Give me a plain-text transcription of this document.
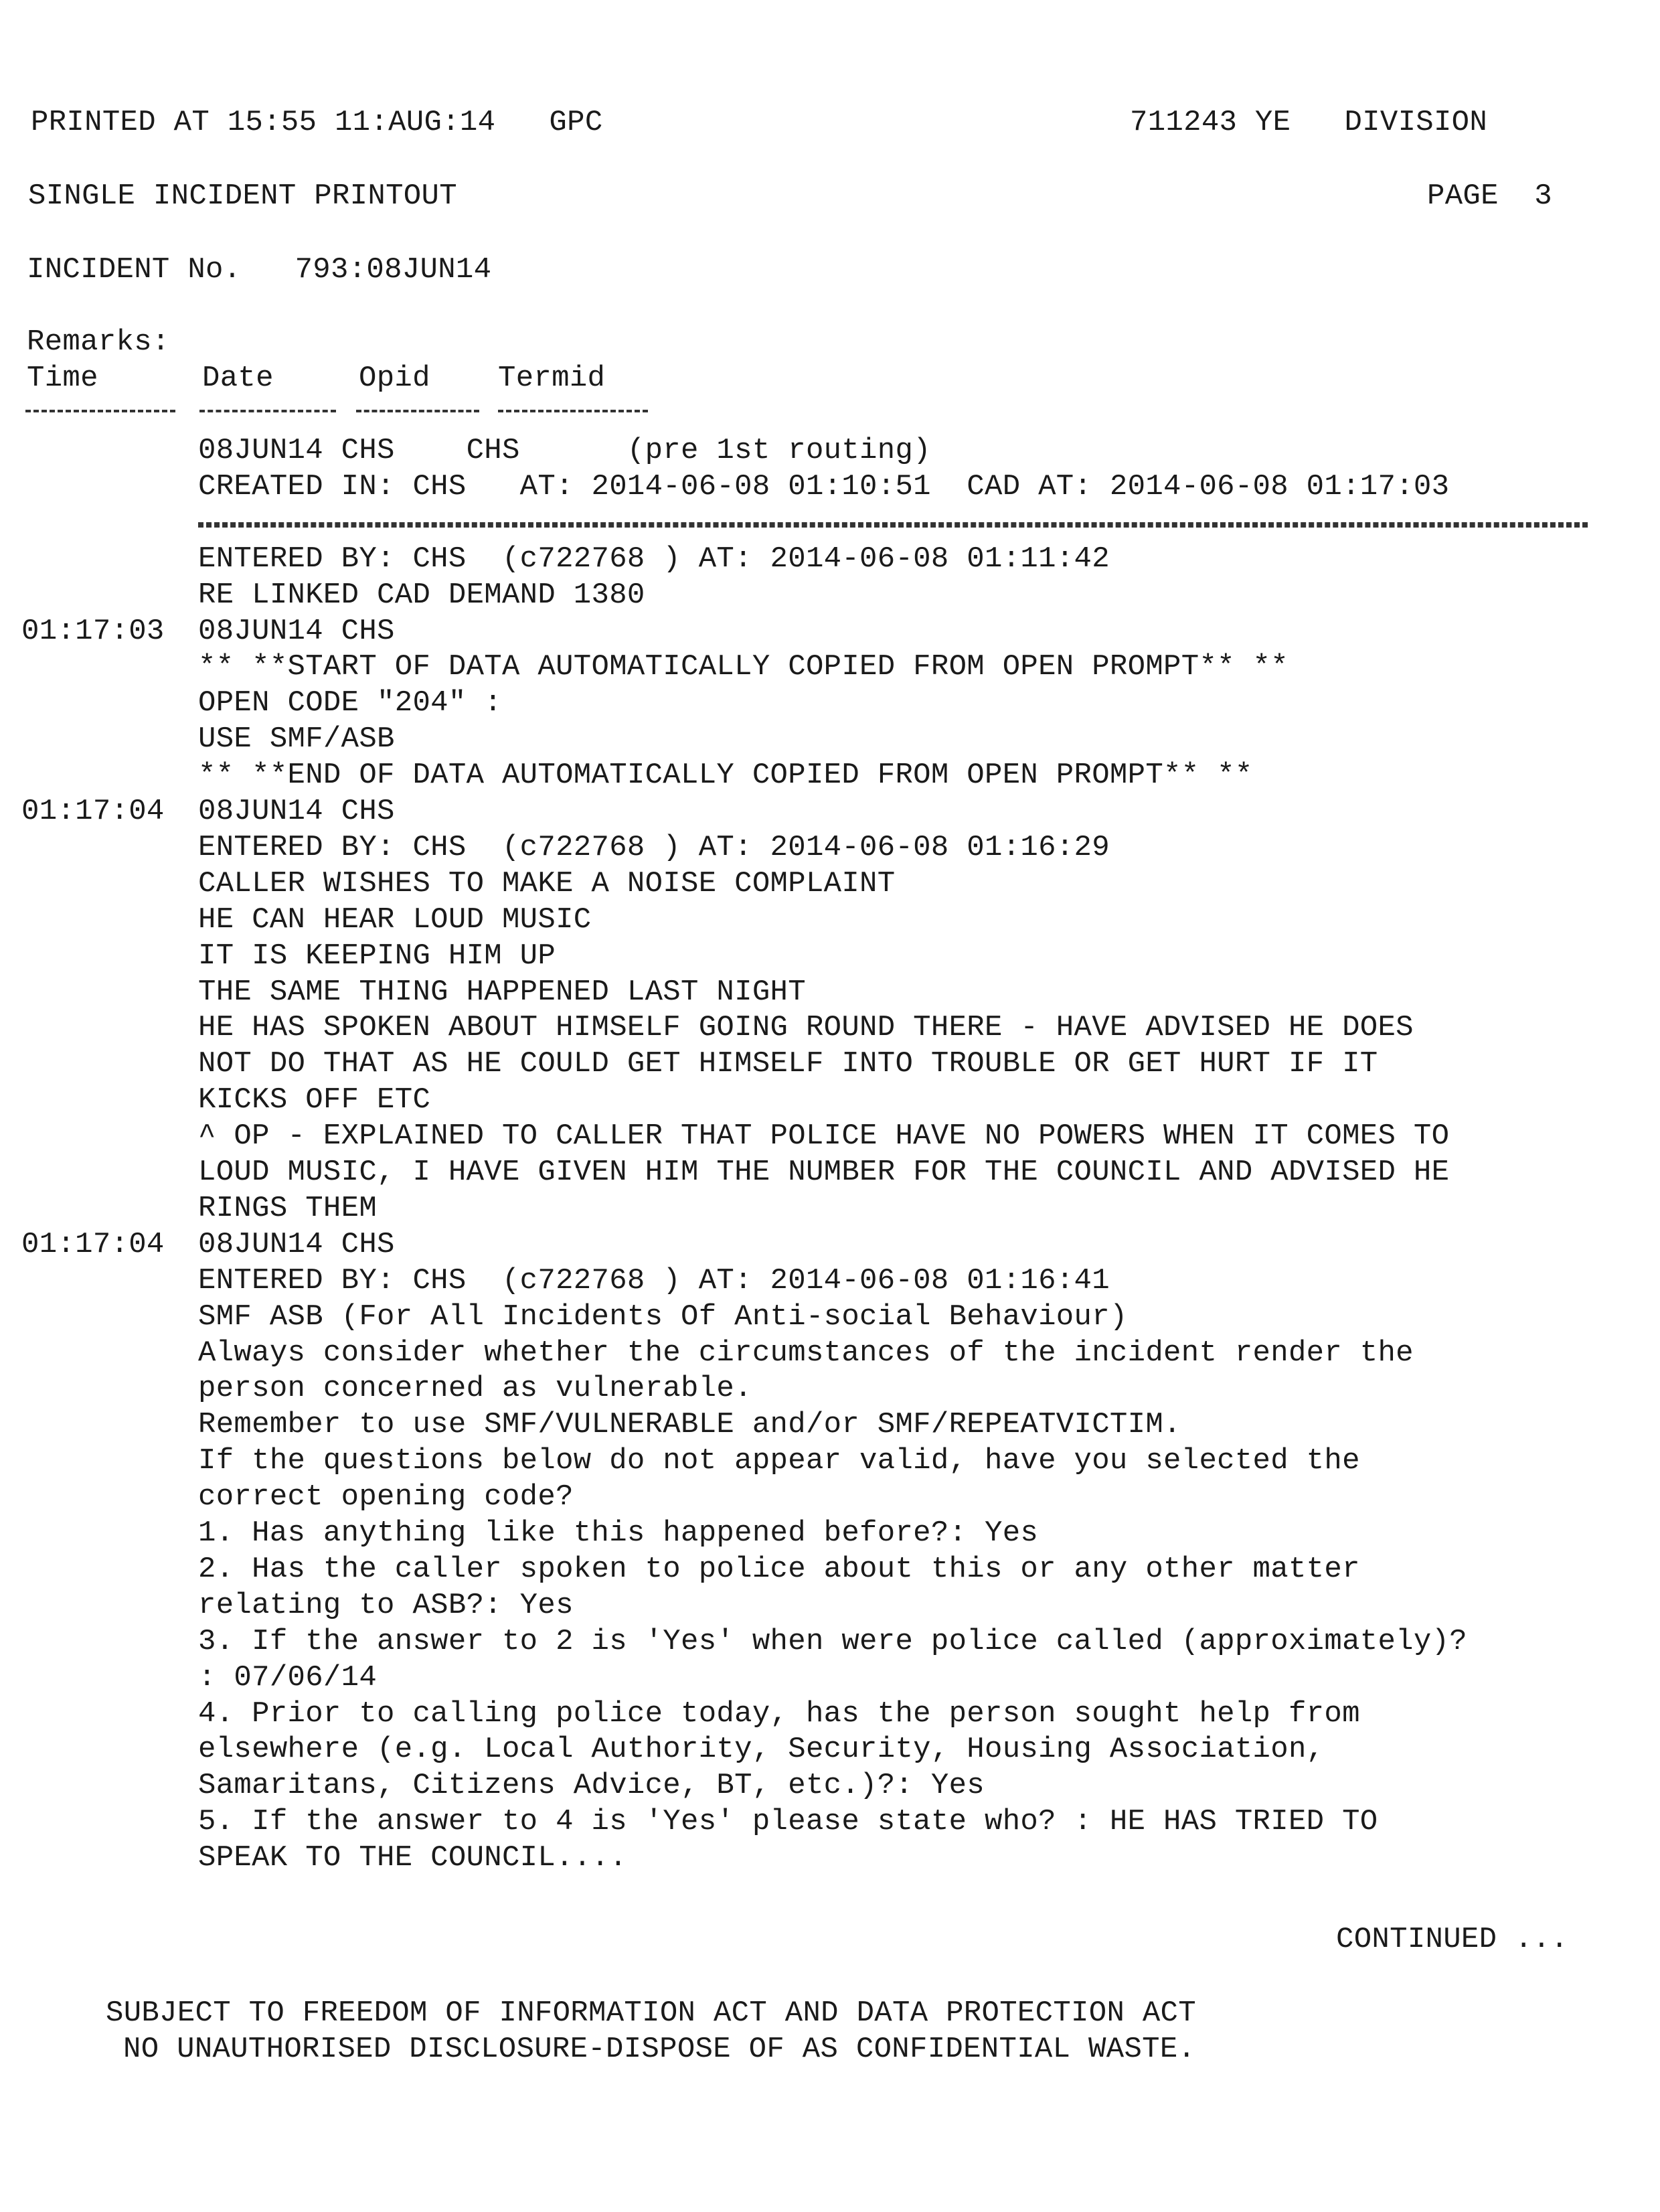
PRINTED AT 15:55 11:AUG:14   GPC	711243 YE   DIVISION
SINGLE INCIDENT PRINTOUT	PAGE  3
INCIDENT No.   793:08JUN14
Remarks:
Time	Date	Opid Termid
08JUN14 CHS    CHS      (pre 1st routing)
CREATED IN: CHS   AT: 2014-06-08 01:10:51  CAD AT: 2014-06-08 01:17:03
ENTERED BY: CHS  (c722768 ) AT: 2014-06-08 01:11:42
RE LINKED CAD DEMAND 1380
01:17:03 08JUN14 CHS
** **START OF DATA AUTOMATICALLY COPIED FROM OPEN PROMPT** **
OPEN CODE "204" :
USE SMF/ASB
** **END OF DATA AUTOMATICALLY COPIED FROM OPEN PROMPT** **
01:17:04 08JUN14 CHS
ENTERED BY: CHS  (c722768 ) AT: 2014-06-08 01:16:29
CALLER WISHES TO MAKE A NOISE COMPLAINT
HE CAN HEAR LOUD MUSIC
IT IS KEEPING HIM UP
THE SAME THING HAPPENED LAST NIGHT
HE HAS SPOKEN ABOUT HIMSELF GOING ROUND THERE - HAVE ADVISED HE DOES
NOT DO THAT AS HE COULD GET HIMSELF INTO TROUBLE OR GET HURT IF IT
KICKS OFF ETC
^ OP - EXPLAINED TO CALLER THAT POLICE HAVE NO POWERS WHEN IT COMES TO
LOUD MUSIC, I HAVE GIVEN HIM THE NUMBER FOR THE COUNCIL AND ADVISED HE
RINGS THEM
01:17:04 08JUN14 CHS
ENTERED BY: CHS  (c722768 ) AT: 2014-06-08 01:16:41
SMF ASB (For All Incidents Of Anti-social Behaviour)
Always consider whether the circumstances of the incident render the
person concerned as vulnerable.
Remember to use SMF/VULNERABLE and/or SMF/REPEATVICTIM.
If the questions below do not appear valid, have you selected the
correct opening code?
1. Has anything like this happened before?: Yes
2. Has the caller spoken to police about this or any other matter
relating to ASB?: Yes
3. If the answer to 2 is 'Yes' when were police called (approximately)?
: 07/06/14
4. Prior to calling police today, has the person sought help from
elsewhere (e.g. Local Authority, Security, Housing Association,
Samaritans, Citizens Advice, BT, etc.)?: Yes
5. If the answer to 4 is 'Yes' please state who? : HE HAS TRIED TO
SPEAK TO THE COUNCIL....
CONTINUED ...
SUBJECT TO FREEDOM OF INFORMATION ACT AND DATA PROTECTION ACT
NO UNAUTHORISED DISCLOSURE-DISPOSE OF AS CONFIDENTIAL WASTE.
